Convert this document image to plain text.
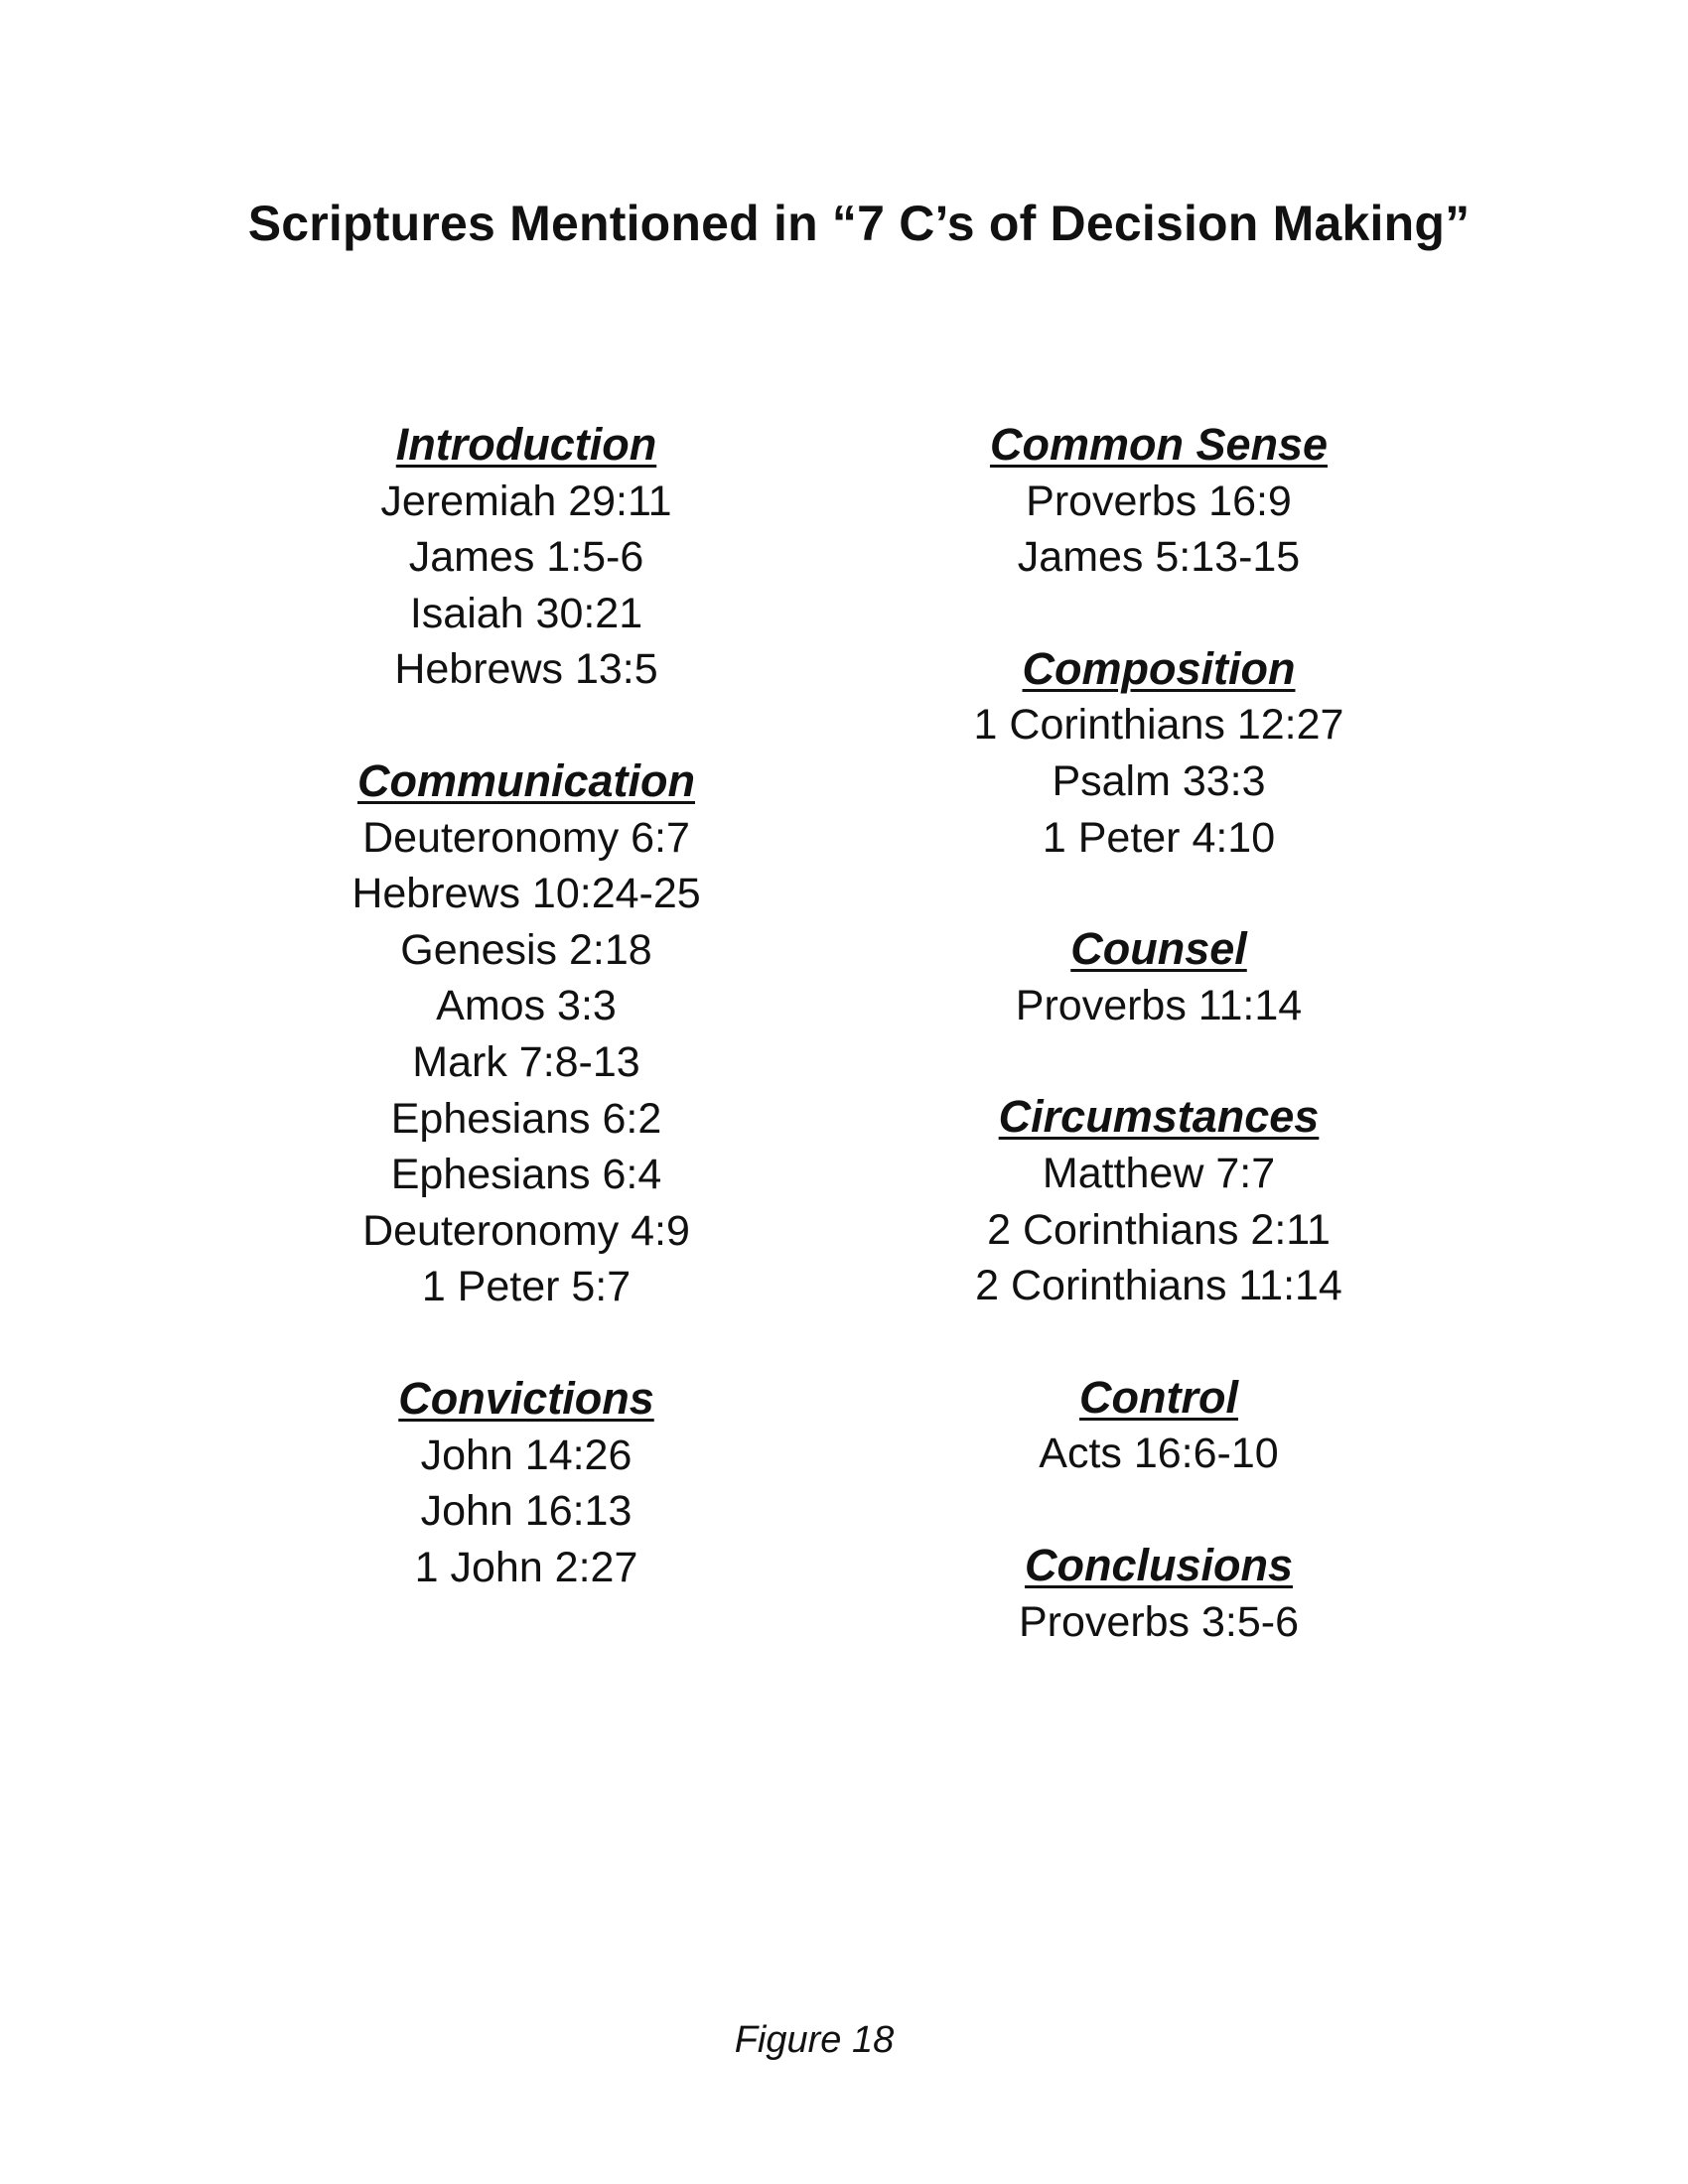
Scriptures Mentioned in “7 C’s of Decision Making”
Introduction
Jeremiah 29:11
James 1:5-6
Isaiah 30:21
Hebrews 13:5
Communication
Deuteronomy 6:7
Hebrews 10:24-25
Genesis 2:18
Amos 3:3
Mark 7:8-13
Ephesians 6:2
Ephesians 6:4
Deuteronomy 4:9
1 Peter 5:7
Convictions
John 14:26
John 16:13
1 John 2:27
Common Sense
Proverbs 16:9
James 5:13-15
Composition
1 Corinthians 12:27
Psalm 33:3
1 Peter 4:10
Counsel
Proverbs 11:14
Circumstances
Matthew 7:7
2 Corinthians 2:11
2 Corinthians 11:14
Control
Acts 16:6-10
Conclusions
Proverbs 3:5-6
Figure 18
